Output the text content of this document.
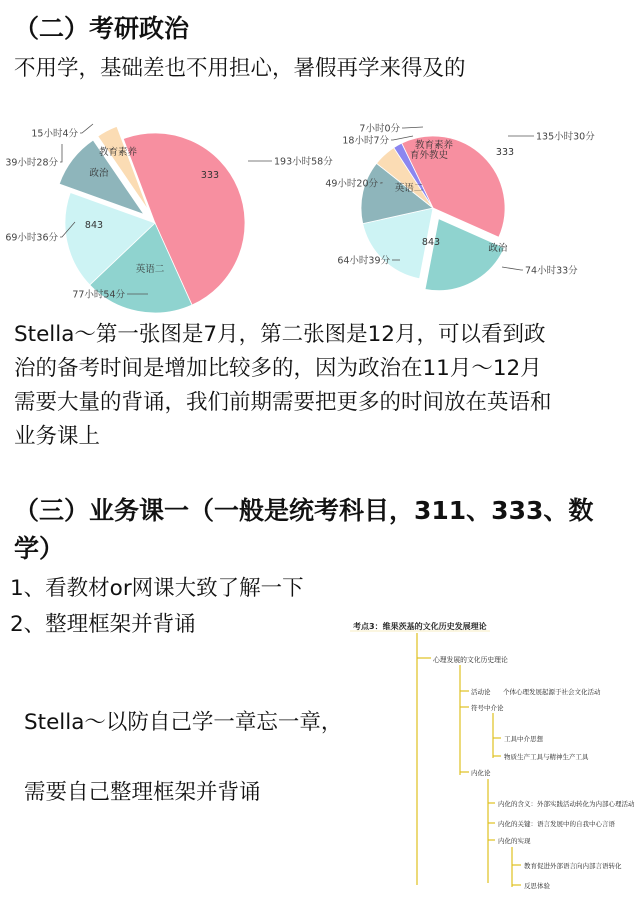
（二）考研政治
不用学，基础差也不用担心，暑假再学来得及的
333
193小时58分
英语二
77小时54分
843
69小时36分
政治
39小时28分
教育素养
15小时4分
333
135小时30分
政治
74小时33分
843
64小时39分
英语二
49小时20分
教育素养
18小时7分
育外教史
7小时0分
Stella～第一张图是7月，第二张图是12月，可以看到政
治的备考时间是增加比较多的，因为政治在11月～12月
需要大量的背诵，我们前期需要把更多的时间放在英语和
业务课上
（三）业务课一（一般是统考科目，311、333、数
学）
1、看教材or网课大致了解一下
2、整理框架并背诵
Stella～以防自己学一章忘一章，
需要自己整理框架并背诵
考点3：维果茨基的文化历史发展理论
心理发展的文化历史理论
活动论 个体心理发展起源于社会文化活动
符号中介论
工具中介思想
物质生产工具与精神生产工具
内化论
内化的含义：外部实践活动转化为内部心理活动
内化的关键：语言发展中的自我中心言语
内化的实现
教育促进外部语言向内部言语转化
反思体验
